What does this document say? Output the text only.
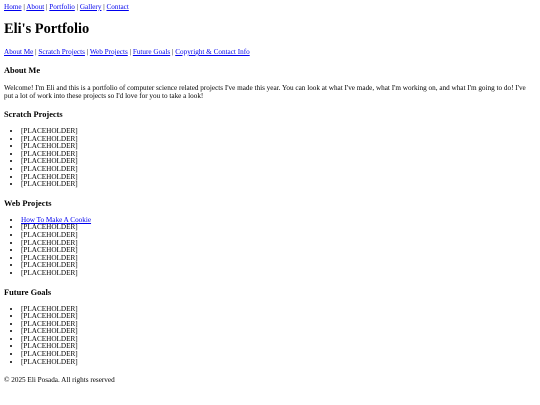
Home | About | Portfolio | Gallery | Contact
Eli's Portfolio
About Me | Scratch Projects | Web Projects | Future Goals | Copyright & Contact Info
About Me

Welcome! I'm Eli and this is a portfolio of computer science related projects I've made this year. You can look at what I've made, what I'm working on, and what I'm going to do! I've put a lot of work into these projects so I'd love for you to take a look!

Scratch Projects
• [PLACEHOLDER]
• [PLACEHOLDER]
• [PLACEHOLDER]
• [PLACEHOLDER]
• [PLACEHOLDER]
• [PLACEHOLDER]
• [PLACEHOLDER]
• [PLACEHOLDER]
Web Projects
• How To Make A Cookie
• [PLACEHOLDER]
• [PLACEHOLDER]
• [PLACEHOLDER]
• [PLACEHOLDER]
• [PLACEHOLDER]
• [PLACEHOLDER]
• [PLACEHOLDER]
Future Goals
• [PLACEHOLDER]
• [PLACEHOLDER]
• [PLACEHOLDER]
• [PLACEHOLDER]
• [PLACEHOLDER]
• [PLACEHOLDER]
• [PLACEHOLDER]
• [PLACEHOLDER]
© 2025 Eli Posada. All rights reserved
